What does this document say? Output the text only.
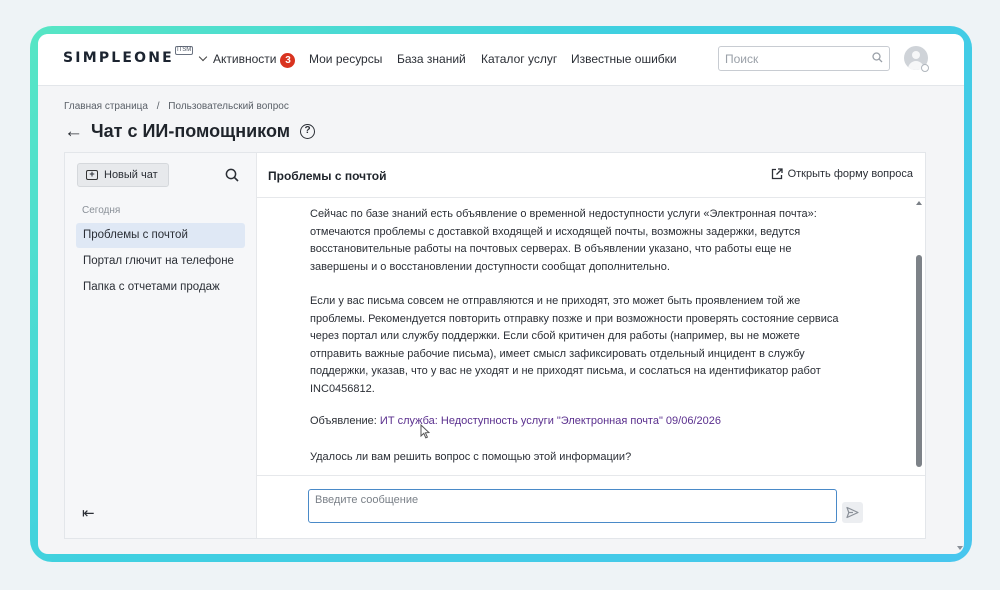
SIMPLEONE ITSM
Активности 3	Мои ресурсы База знаний Каталог услуг Известные ошибки
Поиск
Главная страница / Пользовательский вопрос
← Чат с ИИ-помощником	?
+ Новый чат
Сегодня
Проблемы с почтой
Портал глючит на телефоне
Папка с отчетами продаж
⇤
Проблемы с почтой	Открыть форму вопроса
Сейчас по базе знаний есть объявление о временной недоступности услуги «Электронная почта»: отмечаются проблемы с доставкой входящей и исходящей почты, возможны задержки, ведутся восстановительные работы на почтовых серверах. В объявлении указано, что работы еще не завершены и о восстановлении доступности сообщат дополнительно.
Если у вас письма совсем не отправляются и не приходят, это может быть проявлением той же проблемы. Рекомендуется повторить отправку позже и при возможности проверять состояние сервиса через портал или службу поддержки. Если сбой критичен для работы (например, вы не можете отправить важные рабочие письма), имеет смысл зафиксировать отдельный инцидент в службу поддержки, указав, что у вас не уходят и не приходят письма, и сослаться на идентификатор работ INC0456812.
Объявление: ИТ служба: Недоступность услуги "Электронная почта" 09/06/2026
Удалось ли вам решить вопрос с помощью этой информации?
Введите сообщение
